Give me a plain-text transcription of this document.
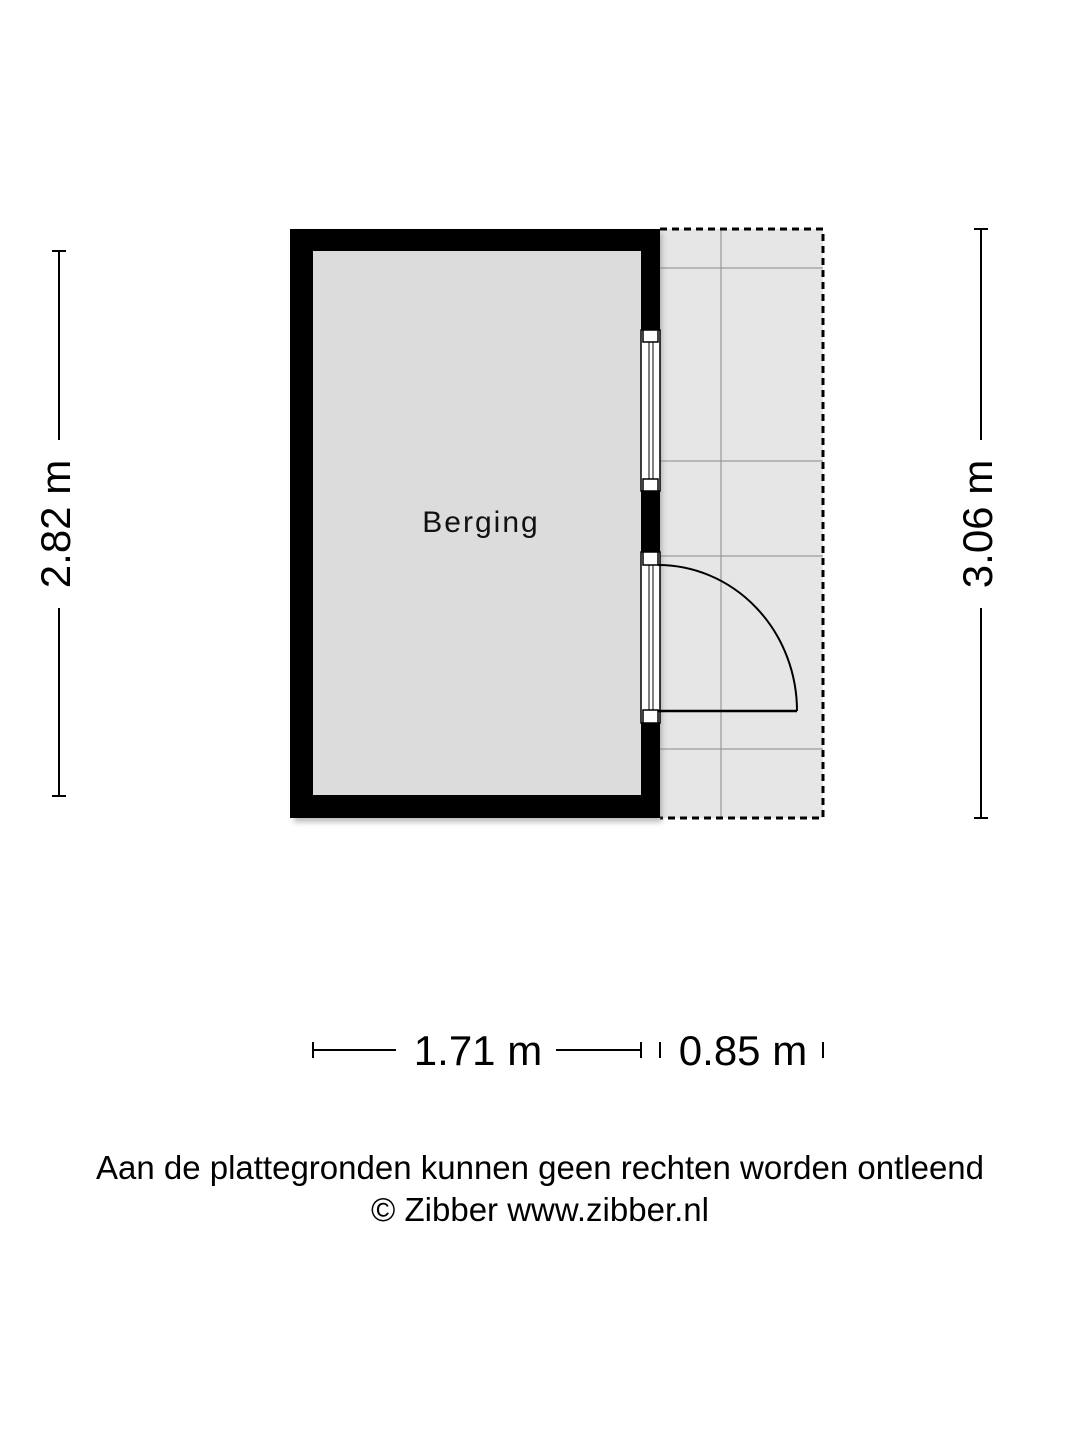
Berging
2.82 m	3.06 m
1.71 m	0.85 m
Aan de plattegronden kunnen geen rechten worden ontleend
© Zibber www.zibber.nl
